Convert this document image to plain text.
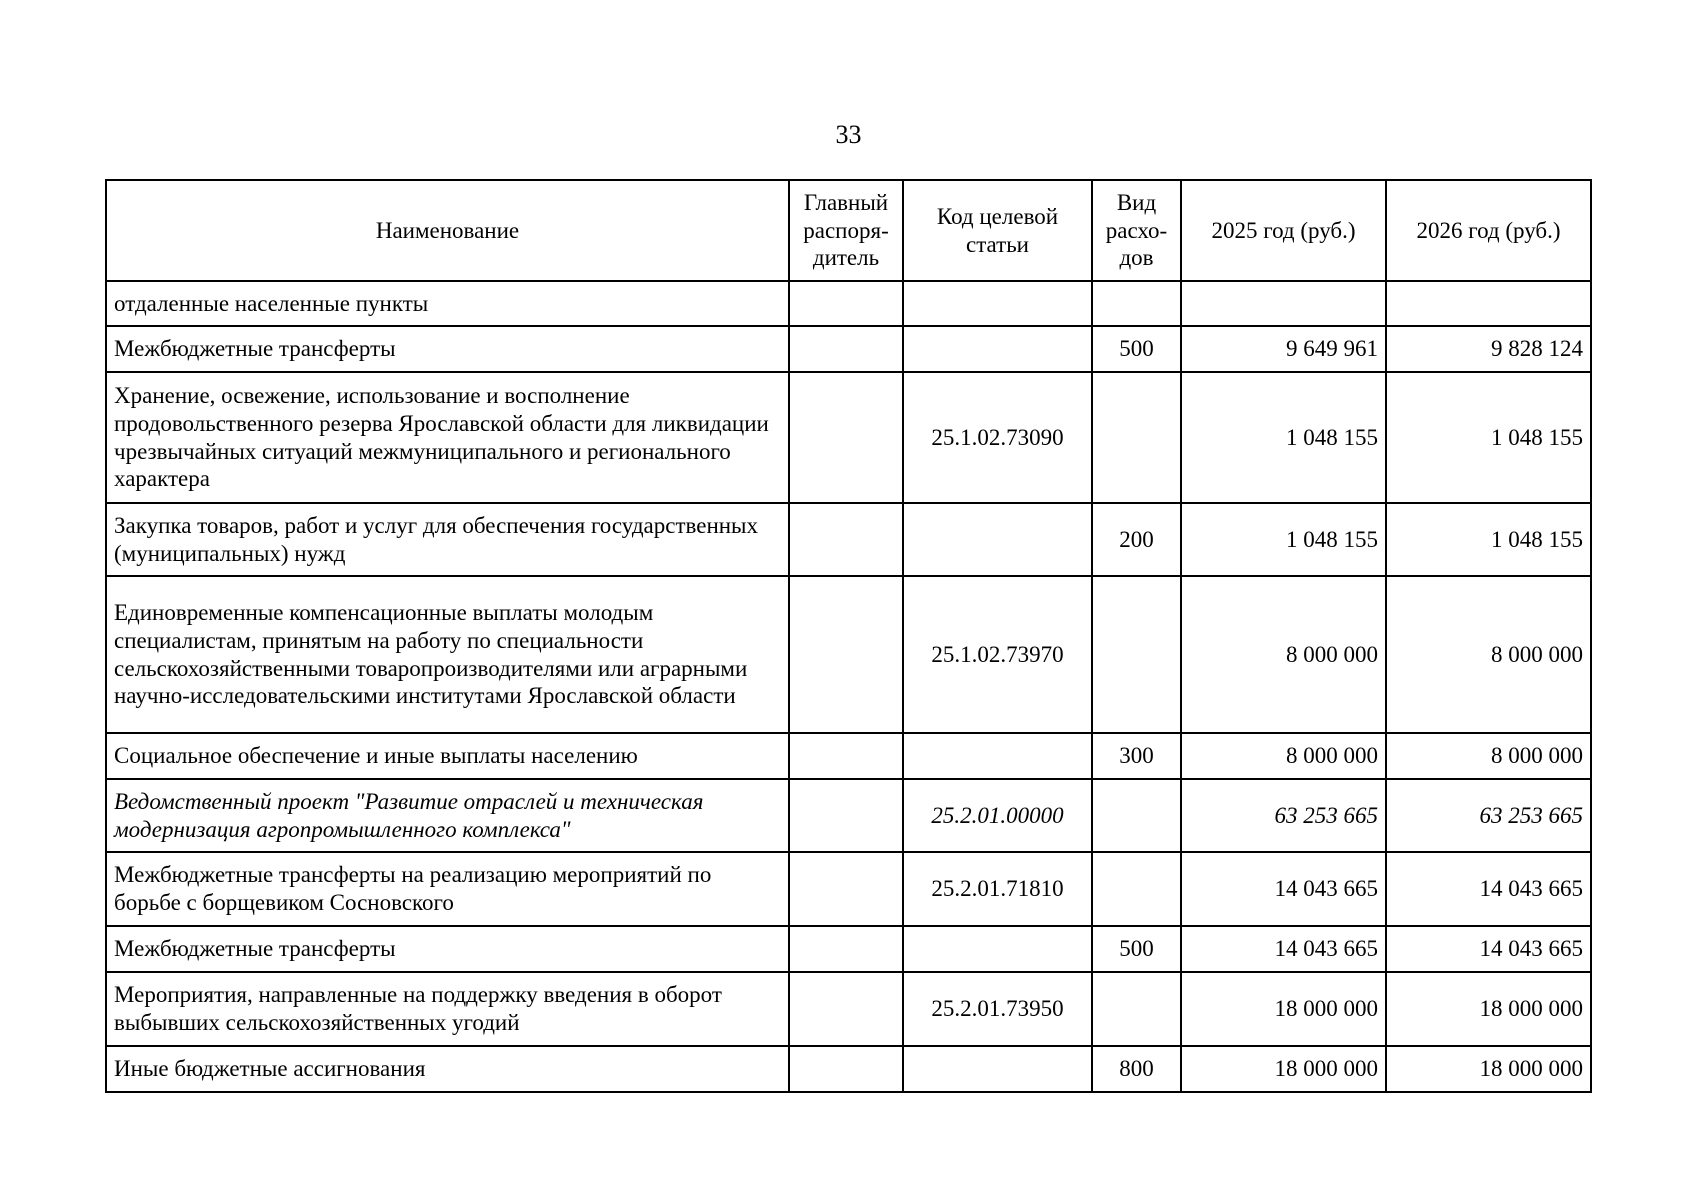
33
Наименование	Главный распоря-дитель	Код целевой статьи	Вид расхо-дов	2025 год (руб.)	2026 год (руб.)
отдаленные населенные пункты					
Межбюджетные трансферты			500	9 649 961	9 828 124
Хранение, освежение, использование и восполнение продовольственного резерва Ярославской области для ликвидации чрезвычайных ситуаций межмуниципального и регионального характера		25.1.02.73090		1 048 155	1 048 155
Закупка товаров, работ и услуг для обеспечения государственных (муниципальных) нужд			200	1 048 155	1 048 155
Единовременные компенсационные выплаты молодым специалистам, принятым на работу по специальности сельскохозяйственными товаропроизводителями или аграрными научно-исследовательскими институтами Ярославской области		25.1.02.73970		8 000 000	8 000 000
Социальное обеспечение и иные выплаты населению			300	8 000 000	8 000 000
Ведомственный проект "Развитие отраслей и техническая модернизация агропромышленного комплекса"		25.2.01.00000		63 253 665	63 253 665
Межбюджетные трансферты на реализацию мероприятий по борьбе с борщевиком Сосновского		25.2.01.71810		14 043 665	14 043 665
Межбюджетные трансферты			500	14 043 665	14 043 665
Мероприятия, направленные на поддержку введения в оборот выбывших сельскохозяйственных угодий		25.2.01.73950		18 000 000	18 000 000
Иные бюджетные ассигнования			800	18 000 000	18 000 000
